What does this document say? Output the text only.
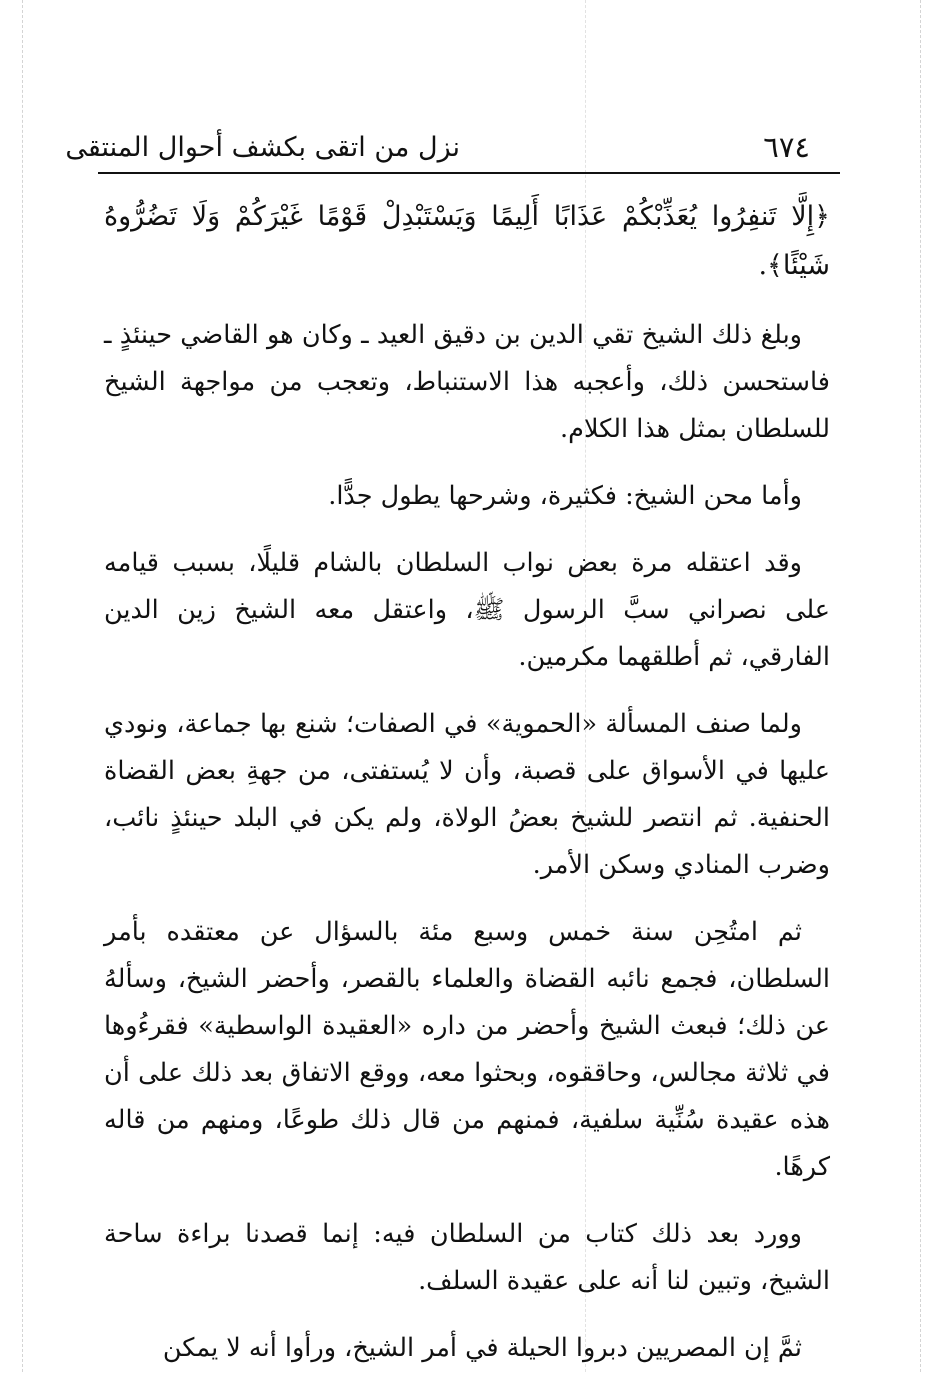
نزل من اتقى بكشف أحوال المنتقى	٦٧٤

﴿إِلَّا تَنفِرُوا يُعَذِّبْكُمْ عَذَابًا أَلِيمًا وَيَسْتَبْدِلْ قَوْمًا غَيْرَكُمْ وَلَا تَضُرُّوهُ شَيْئًا﴾.

وبلغ ذلك الشيخ تقي الدين بن دقيق العيد ـ وكان هو القاضي حينئذٍ ـ فاستحسن ذلك، وأعجبه هذا الاستنباط، وتعجب من مواجهة الشيخ للسلطان بمثل هذا الكلام.

وأما محن الشيخ: فكثيرة، وشرحها يطول جدًّا.

وقد اعتقله مرة بعض نواب السلطان بالشام قليلًا، بسبب قيامه على نصراني سبَّ الرسول ﷺ، واعتقل معه الشيخ زين الدين الفارقي، ثم أطلقهما مكرمين.

ولما صنف المسألة «الحموية» في الصفات؛ شنع بها جماعة، ونودي عليها في الأسواق على قصبة، وأن لا يُستفتى، من جهةِ بعض القضاة الحنفية. ثم انتصر للشيخ بعضُ الولاة، ولم يكن في البلد حينئذٍ نائب، وضرب المنادي وسكن الأمر.

ثم امتُحِن سنة خمس وسبع مئة بالسؤال عن معتقده بأمر السلطان، فجمع نائبه القضاة والعلماء بالقصر، وأحضر الشيخ، وسألهُ عن ذلك؛ فبعث الشيخ وأحضر من داره «العقيدة الواسطية» فقرءُوها في ثلاثة مجالس، وحاققوه، وبحثوا معه، ووقع الاتفاق بعد ذلك على أن هذه عقيدة سُنِّية سلفية، فمنهم من قال ذلك طوعًا، ومنهم من قاله كرهًا.

وورد بعد ذلك كتاب من السلطان فيه: إنما قصدنا براءة ساحة الشيخ، وتبين لنا أنه على عقيدة السلف.

ثمَّ إن المصريين دبروا الحيلة في أمر الشيخ، ورأوا أنه لا يمكن
